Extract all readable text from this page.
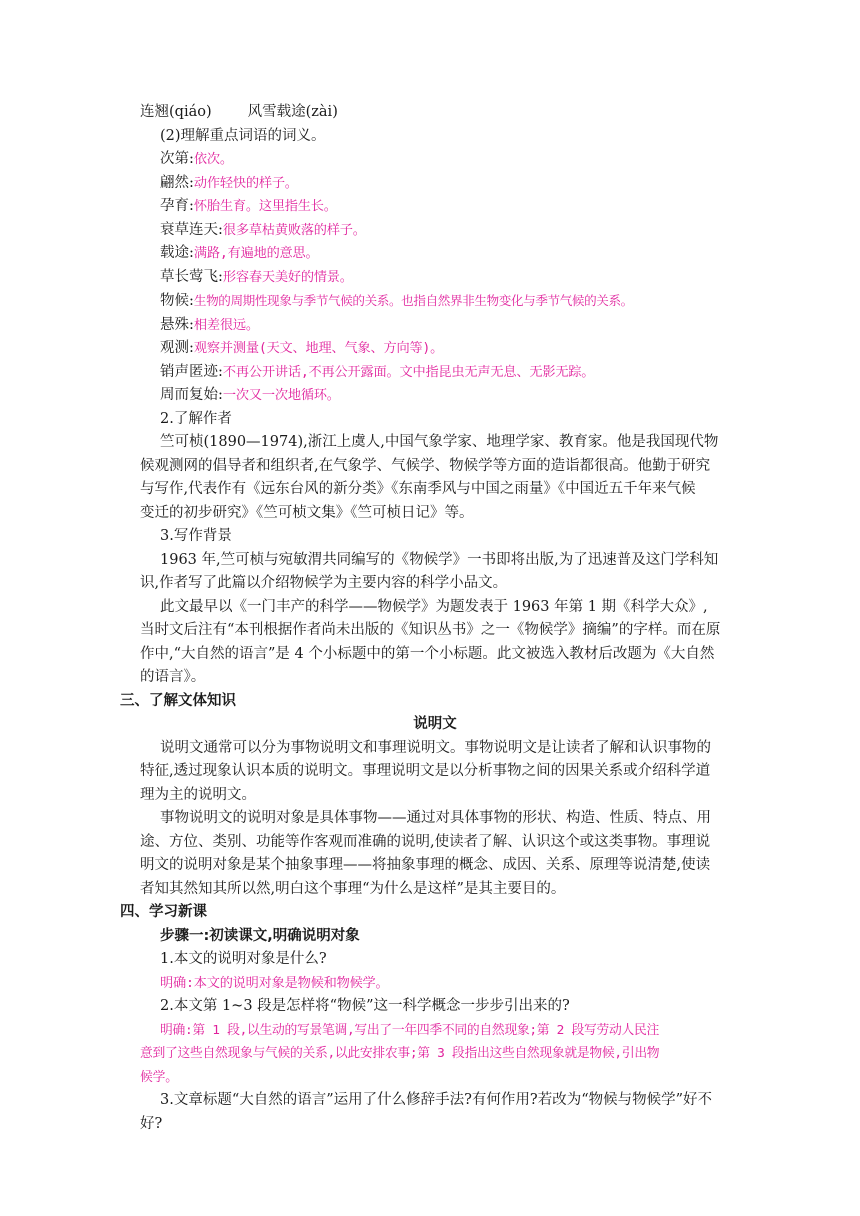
连翘(qiáo) 风雪载途(zài)

(2)理解重点词语的词义。

次第:依次。

翩然:动作轻快的样子。

孕育:怀胎生育。这里指生长。

衰草连天:很多草枯黄败落的样子。

载途:满路,有遍地的意思。

草长莺飞:形容春天美好的情景。

物候:生物的周期性现象与季节气候的关系。也指自然界非生物变化与季节气候的关系。

悬殊:相差很远。

观测:观察并测量(天文、地理、气象、方向等)。

销声匿迹:不再公开讲话,不再公开露面。文中指昆虫无声无息、无影无踪。

周而复始:一次又一次地循环。

2.了解作者

竺可桢(1890—1974),浙江上虞人,中国气象学家、地理学家、教育家。他是我国现代物

候观测网的倡导者和组织者,在气象学、气候学、物候学等方面的造诣都很高。他勤于研究

与写作,代表作有《远东台风的新分类》《东南季风与中国之雨量》《中国近五千年来气候

变迁的初步研究》《竺可桢文集》《竺可桢日记》等。

3.写作背景

1963 年,竺可桢与宛敏渭共同编写的《物候学》一书即将出版,为了迅速普及这门学科知

识,作者写了此篇以介绍物候学为主要内容的科学小品文。

此文最早以《一门丰产的科学——物候学》为题发表于 1963 年第 1 期《科学大众》,

当时文后注有“本刊根据作者尚未出版的《知识丛书》之一《物候学》摘编”的字样。而在原

作中,“大自然的语言”是 4 个小标题中的第一个小标题。此文被选入教材后改题为《大自然

的语言》。

三、了解文体知识

说明文

说明文通常可以分为事物说明文和事理说明文。事物说明文是让读者了解和认识事物的

特征,透过现象认识本质的说明文。事理说明文是以分析事物之间的因果关系或介绍科学道

理为主的说明文。

事物说明文的说明对象是具体事物——通过对具体事物的形状、构造、性质、特点、用

途、方位、类别、功能等作客观而准确的说明,使读者了解、认识这个或这类事物。事理说

明文的说明对象是某个抽象事理——将抽象事理的概念、成因、关系、原理等说清楚,使读

者知其然知其所以然,明白这个事理“为什么是这样”是其主要目的。

四、学习新课

步骤一:初读课文,明确说明对象

1.本文的说明对象是什么?

明确:本文的说明对象是物候和物候学。

2.本文第 1~3 段是怎样将“物候”这一科学概念一步步引出来的?

明确:第 1 段,以生动的写景笔调,写出了一年四季不同的自然现象;第 2 段写劳动人民注

意到了这些自然现象与气候的关系,以此安排农事;第 3 段指出这些自然现象就是物候,引出物

候学。

3.文章标题“大自然的语言”运用了什么修辞手法?有何作用?若改为“物候与物候学”好不

好?
